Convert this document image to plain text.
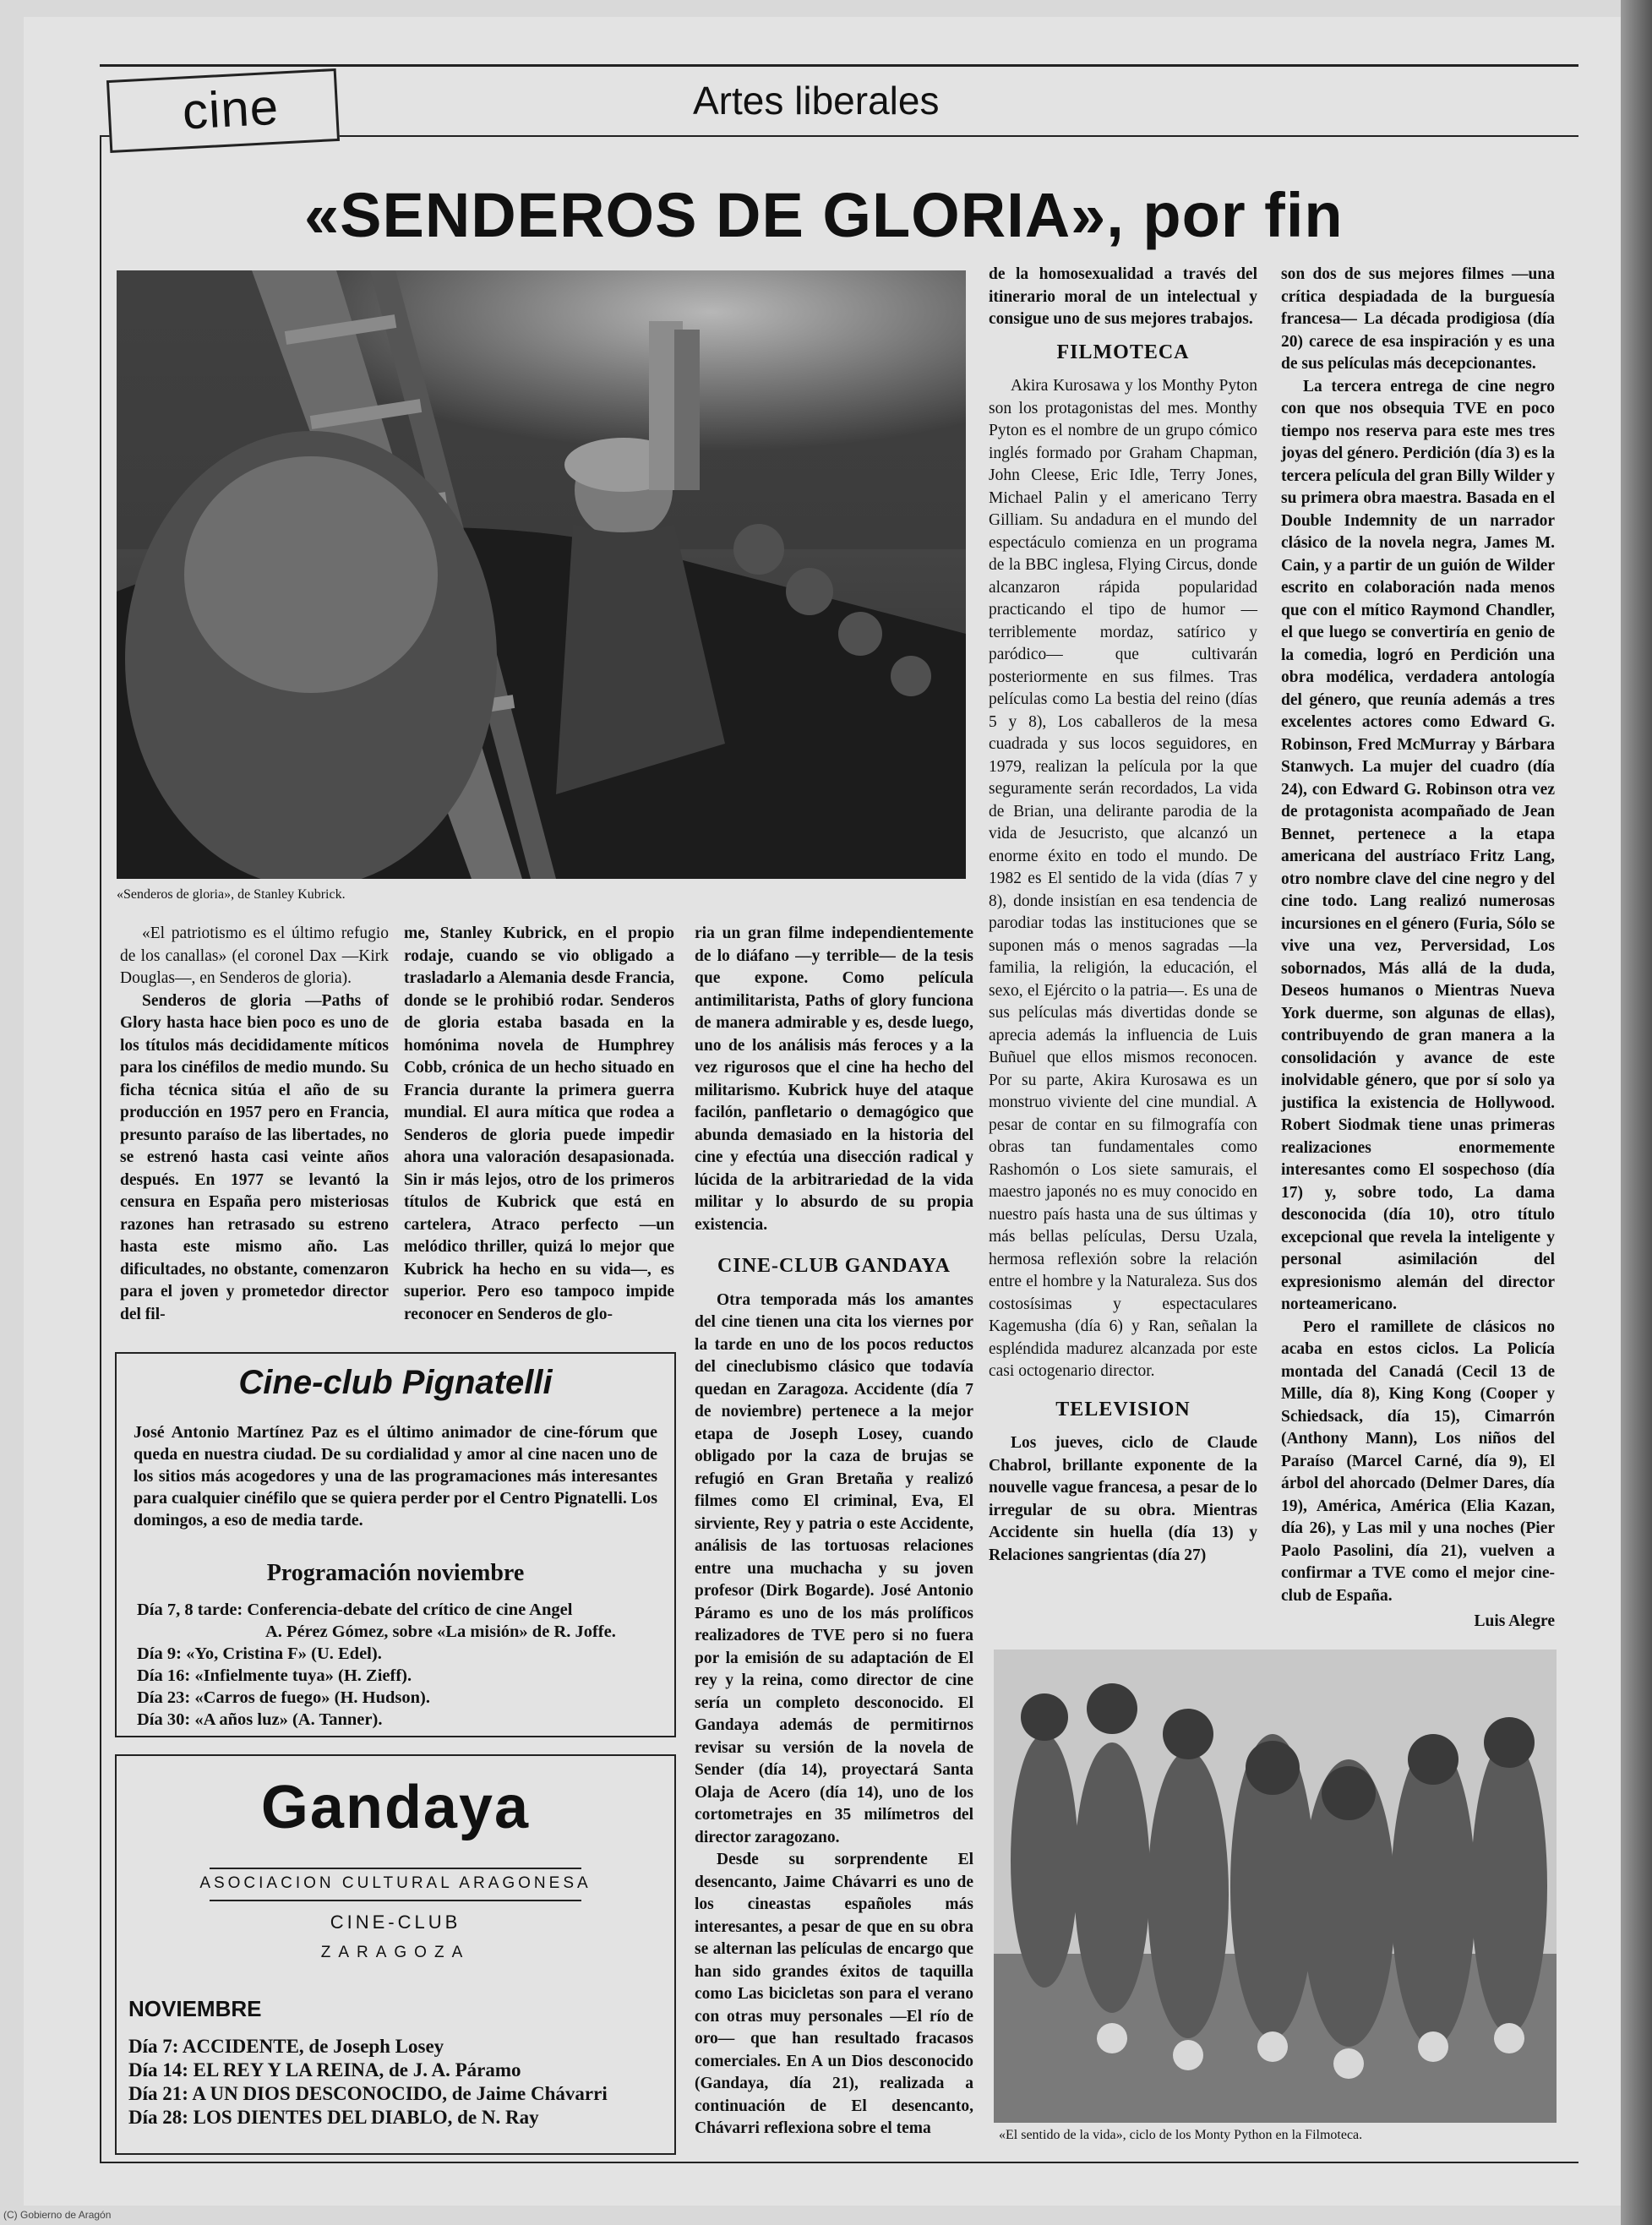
cine	Artes liberales
«SENDEROS DE GLORIA», por fin
«Senderos de gloria», de Stanley Kubrick.

«El patriotismo es el último refugio de los canallas» (el coronel Dax —Kirk Douglas—, en Senderos de gloria).

Senderos de gloria —Paths of Glory hasta hace bien poco es uno de los títulos más decididamente míticos para los cinéfilos de medio mundo. Su ficha técnica sitúa el año de su producción en 1957 pero en Francia, presunto paraíso de las libertades, no se estrenó hasta casi veinte años después. En 1977 se levantó la censura en España pero misteriosas razones han retrasado su estreno hasta este mismo año. Las dificultades, no obstante, comenzaron para el joven y prometedor director del fil-

me, Stanley Kubrick, en el propio rodaje, cuando se vio obligado a trasladarlo a Alemania desde Francia, donde se le prohibió rodar. Senderos de gloria estaba basada en la homónima novela de Humphrey Cobb, crónica de un hecho situado en Francia durante la primera guerra mundial. El aura mítica que rodea a Senderos de gloria puede impedir ahora una valoración desapasionada. Sin ir más lejos, otro de los primeros títulos de Kubrick que está en cartelera, Atraco perfecto —un melódico thriller, quizá lo mejor que Kubrick ha hecho en su vida—, es superior. Pero eso tampoco impide reconocer en Senderos de glo-

ria un gran filme independientemente de lo diáfano —y terrible— de la tesis que expone. Como película antimilitarista, Paths of glory funciona de manera admirable y es, desde luego, uno de los análisis más feroces y a la vez rigurosos que el cine ha hecho del militarismo. Kubrick huye del ataque facilón, panfletario o demagógico que abunda demasiado en la historia del cine y efectúa una disección radical y lúcida de la arbitrariedad de la vida militar y lo absurdo de su propia existencia.

CINE-CLUB GANDAYA

Otra temporada más los amantes del cine tienen una cita los viernes por la tarde en uno de los pocos reductos del cineclubismo clásico que todavía quedan en Zaragoza. Accidente (día 7 de noviembre) pertenece a la mejor etapa de Joseph Losey, cuando obligado por la caza de brujas se refugió en Gran Bretaña y realizó filmes como El criminal, Eva, El sirviente, Rey y patria o este Accidente, análisis de las tortuosas relaciones entre una muchacha y su joven profesor (Dirk Bogarde). José Antonio Páramo es uno de los más prolíficos realizadores de TVE pero si no fuera por la emisión de su adaptación de El rey y la reina, como director de cine sería un completo desconocido. El Gandaya además de permitirnos revisar su versión de la novela de Sender (día 14), proyectará Santa Olaja de Acero (día 14), uno de los cortometrajes en 35 milímetros del director zaragozano.

Desde su sorprendente El desencanto, Jaime Chávarri es uno de los cineastas españoles más interesantes, a pesar de que en su obra se alternan las películas de encargo que han sido grandes éxitos de taquilla como Las bicicletas son para el verano con otras muy personales —El río de oro— que han resultado fracasos comerciales. En A un Dios desconocido (Gandaya, día 21), realizada a continuación de El desencanto, Chávarri reflexiona sobre el tema

de la homosexualidad a través del itinerario moral de un intelectual y consigue uno de sus mejores trabajos.

FILMOTECA

Akira Kurosawa y los Monthy Pyton son los protagonistas del mes. Monthy Pyton es el nombre de un grupo cómico inglés formado por Graham Chapman, John Cleese, Eric Idle, Terry Jones, Michael Palin y el americano Terry Gilliam. Su andadura en el mundo del espectáculo comienza en un programa de la BBC inglesa, Flying Circus, donde alcanzaron rápida popularidad practicando el tipo de humor —terriblemente mordaz, satírico y paródico— que cultivarán posteriormente en sus filmes. Tras películas como La bestia del reino (días 5 y 8), Los caballeros de la mesa cuadrada y sus locos seguidores, en 1979, realizan la película por la que seguramente serán recordados, La vida de Brian, una delirante parodia de la vida de Jesucristo, que alcanzó un enorme éxito en todo el mundo. De 1982 es El sentido de la vida (días 7 y 8), donde insistían en esa tendencia de parodiar todas las instituciones que se suponen más o menos sagradas —la familia, la religión, la educación, el sexo, el Ejército o la patria—. Es una de sus películas más divertidas donde se aprecia además la influencia de Luis Buñuel que ellos mismos reconocen. Por su parte, Akira Kurosawa es un monstruo viviente del cine mundial. A pesar de contar en su filmografía con obras tan fundamentales como Rashomón o Los siete samurais, el maestro japonés no es muy conocido en nuestro país hasta una de sus últimas y más bellas películas, Dersu Uzala, hermosa reflexión sobre la relación entre el hombre y la Naturaleza. Sus dos costosísimas y espectaculares Kagemusha (día 6) y Ran, señalan la espléndida madurez alcanzada por este casi octogenario director.

TELEVISION

Los jueves, ciclo de Claude Chabrol, brillante exponente de la nouvelle vague francesa, a pesar de lo irregular de su obra. Mientras Accidente sin huella (día 13) y Relaciones sangrientas (día 27)

son dos de sus mejores filmes —una crítica despiadada de la burguesía francesa— La década prodigiosa (día 20) carece de esa inspiración y es una de sus películas más decepcionantes.

La tercera entrega de cine negro con que nos obsequia TVE en poco tiempo nos reserva para este mes tres joyas del género. Perdición (día 3) es la tercera película del gran Billy Wilder y su primera obra maestra. Basada en el Double Indemnity de un narrador clásico de la novela negra, James M. Cain, y a partir de un guión de Wilder escrito en colaboración nada menos que con el mítico Raymond Chandler, el que luego se convertiría en genio de la comedia, logró en Perdición una obra modélica, verdadera antología del género, que reunía además a tres excelentes actores como Edward G. Robinson, Fred McMurray y Bárbara Stanwych. La mujer del cuadro (día 24), con Edward G. Robinson otra vez de protagonista acompañado de Jean Bennet, pertenece a la etapa americana del austríaco Fritz Lang, otro nombre clave del cine negro y del cine todo. Lang realizó numerosas incursiones en el género (Furia, Sólo se vive una vez, Perversidad, Los sobornados, Más allá de la duda, Deseos humanos o Mientras Nueva York duerme, son algunas de ellas), contribuyendo de gran manera a la consolidación y avance de este inolvidable género, que por sí solo ya justifica la existencia de Hollywood. Robert Siodmak tiene unas primeras realizaciones enormemente interesantes como El sospechoso (día 17) y, sobre todo, La dama desconocida (día 10), otro título excepcional que revela la inteligente y personal asimilación del expresionismo alemán del director norteamericano.

Pero el ramillete de clásicos no acaba en estos ciclos. La Policía montada del Canadá (Cecil 13 de Mille, día 8), King Kong (Cooper y Schiedsack, día 15), Cimarrón (Anthony Mann), Los niños del Paraíso (Marcel Carné, día 9), El árbol del ahorcado (Delmer Dares, día 19), América, América (Elia Kazan, día 26), y Las mil y una noches (Pier Paolo Pasolini, día 21), vuelven a confirmar a TVE como el mejor cine-club de España.

Luis Alegre
«El sentido de la vida», ciclo de los Monty Python en la Filmoteca.
Cine-club Pignatelli
José Antonio Martínez Paz es el último animador de cine-fórum que queda en nuestra ciudad. De su cordialidad y amor al cine nacen uno de los sitios más acogedores y una de las programaciones más interesantes para cualquier cinéfilo que se quiera perder por el Centro Pignatelli. Los domingos, a eso de media tarde.
Programación noviembre
Día 7, 8 tarde: Conferencia-debate del crítico de cine Angel
A. Pérez Gómez, sobre «La misión» de R. Joffe.
Día 9: «Yo, Cristina F» (U. Edel).
Día 16: «Infielmente tuya» (H. Zieff).
Día 23: «Carros de fuego» (H. Hudson).
Día 30: «A años luz» (A. Tanner).
Gandaya
ASOCIACION CULTURAL ARAGONESA
CINE-CLUB
ZARAGOZA
NOVIEMBRE
Día 7: ACCIDENTE, de Joseph Losey
Día 14: EL REY Y LA REINA, de J. A. Páramo
Día 21: A UN DIOS DESCONOCIDO, de Jaime Chávarri
Día 28: LOS DIENTES DEL DIABLO, de N. Ray
(C) Gobierno de Aragón
